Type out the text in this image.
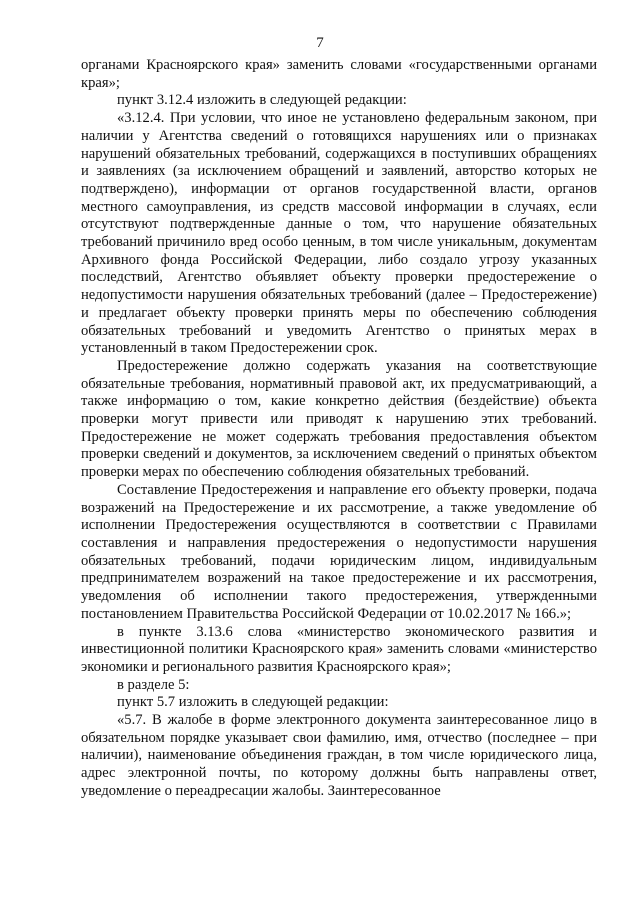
7

органами Красноярского края» заменить словами «государственными органами края»;

пункт 3.12.4 изложить в следующей редакции:

«3.12.4. При условии, что иное не установлено федеральным законом, при наличии у Агентства сведений о готовящихся нарушениях или о признаках нарушений обязательных требований, содержащихся в поступивших обращениях и заявлениях (за исключением обращений и заявлений, авторство которых не подтверждено), информации от органов государственной власти, органов местного самоуправления, из средств массовой информации в случаях, если отсутствуют подтвержденные данные о том, что нарушение обязательных требований причинило вред особо ценным, в том числе уникальным, документам Архивного фонда Российской Федерации, либо создало угрозу указанных последствий, Агентство объявляет объекту проверки предостережение о недопустимости нарушения обязательных требований (далее – Предостережение) и предлагает объекту проверки принять меры по обеспечению соблюдения обязательных требований и уведомить Агентство о принятых мерах в установленный в таком Предостережении срок.

Предостережение должно содержать указания на соответствующие обязательные требования, нормативный правовой акт, их предусматривающий, а также информацию о том, какие конкретно действия (бездействие) объекта проверки могут привести или приводят к нарушению этих требований. Предостережение не может содержать требования предоставления объектом проверки сведений и документов, за исключением сведений о принятых объектом проверки мерах по обеспечению соблюдения обязательных требований.

Составление Предостережения и направление его объекту проверки, подача возражений на Предостережение и их рассмотрение, а также уведомление об исполнении Предостережения осуществляются в соответствии с Правилами составления и направления предостережения о недопустимости нарушения обязательных требований, подачи юридическим лицом, индивидуальным предпринимателем возражений на такое предостережение и их рассмотрения, уведомления об исполнении такого предостережения, утвержденными постановлением Правительства Российской Федерации от 10.02.2017 № 166.»;

в пункте 3.13.6 слова «министерство экономического развития и инвестиционной политики Красноярского края» заменить словами «министерство экономики и регионального развития Красноярского края»;

в разделе 5:

пункт 5.7 изложить в следующей редакции:

«5.7. В жалобе в форме электронного документа заинтересованное лицо в обязательном порядке указывает свои фамилию, имя, отчество (последнее – при наличии), наименование объединения граждан, в том числе юридического лица, адрес электронной почты, по которому должны быть направлены ответ, уведомление о переадресации жалобы. Заинтересованное
